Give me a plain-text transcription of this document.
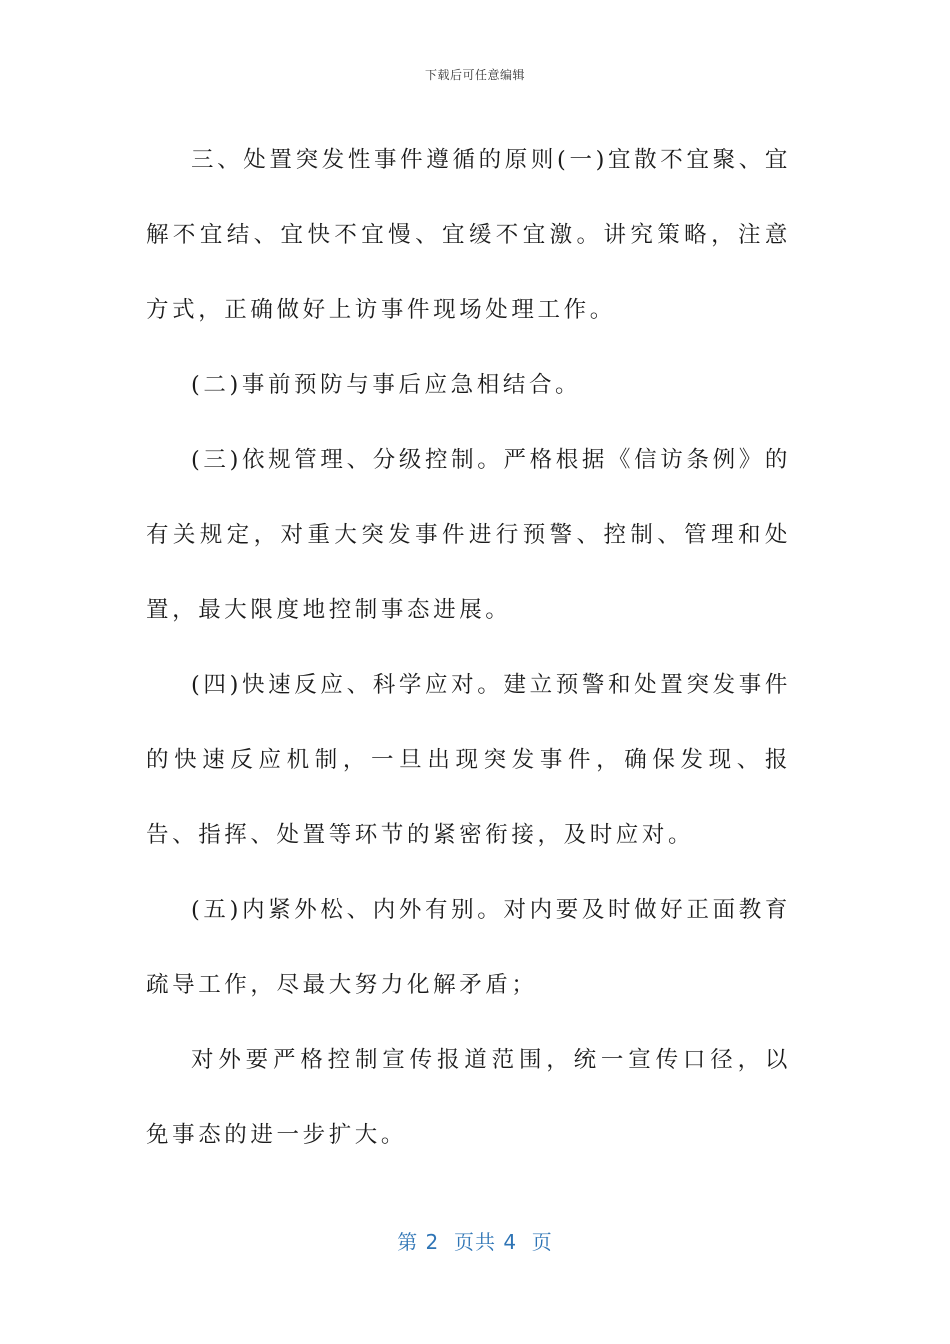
下载后可任意编辑

三、处置突发性事件遵循的原则(一)宜散不宜聚、宜解不宜结、宜快不宜慢、宜缓不宜激。讲究策略，注意方式，正确做好上访事件现场处理工作。

(二)事前预防与事后应急相结合。

(三)依规管理、分级控制。严格根据《信访条例》的有关规定，对重大突发事件进行预警、控制、管理和处置，最大限度地控制事态进展。

(四)快速反应、科学应对。建立预警和处置突发事件的快速反应机制，一旦出现突发事件，确保发现、报告、指挥、处置等环节的紧密衔接，及时应对。

(五)内紧外松、内外有别。对内要及时做好正面教育疏导工作，尽最大努力化解矛盾；

对外要严格控制宣传报道范围，统一宣传口径，以免事态的进一步扩大。

第 2  页共 4  页
